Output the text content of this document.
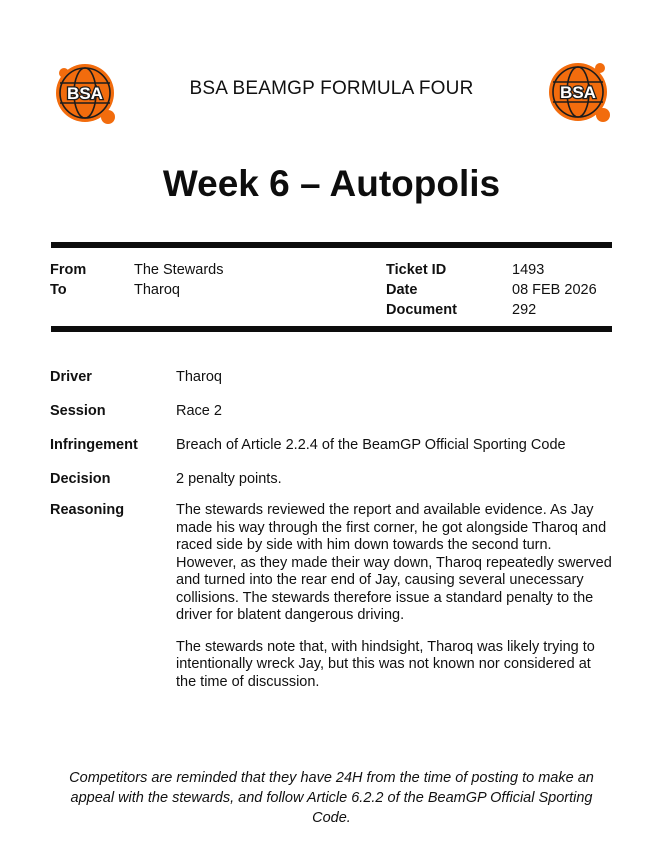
BSA	BSA
BSA BEAMGP FORMULA FOUR
Week 6 – Autopolis
From	The Stewards
To	Tharoq
Ticket ID	1493
Date	08 FEB 2026
Document	292
Driver	Tharoq
Session	Race 2
Infringement	Breach of Article 2.2.4 of the BeamGP Official Sporting Code
Decision	2 penalty points.
Reasoning	The stewards reviewed the report and available evidence. As Jay made his way through the first corner, he got alongside Tharoq and raced side by side with him down towards the second turn. However, as they made their way down, Tharoq repeatedly swerved and turned into the rear end of Jay, causing several unecessary collisions. The stewards therefore issue a standard penalty to the driver for blatent dangerous driving.

The stewards note that, with hindsight, Tharoq was likely trying to intentionally wreck Jay, but this was not known nor considered at the time of discussion.

Competitors are reminded that they have 24H from the time of posting to make an appeal with the stewards, and follow Article 6.2.2 of the BeamGP Official Sporting Code.
